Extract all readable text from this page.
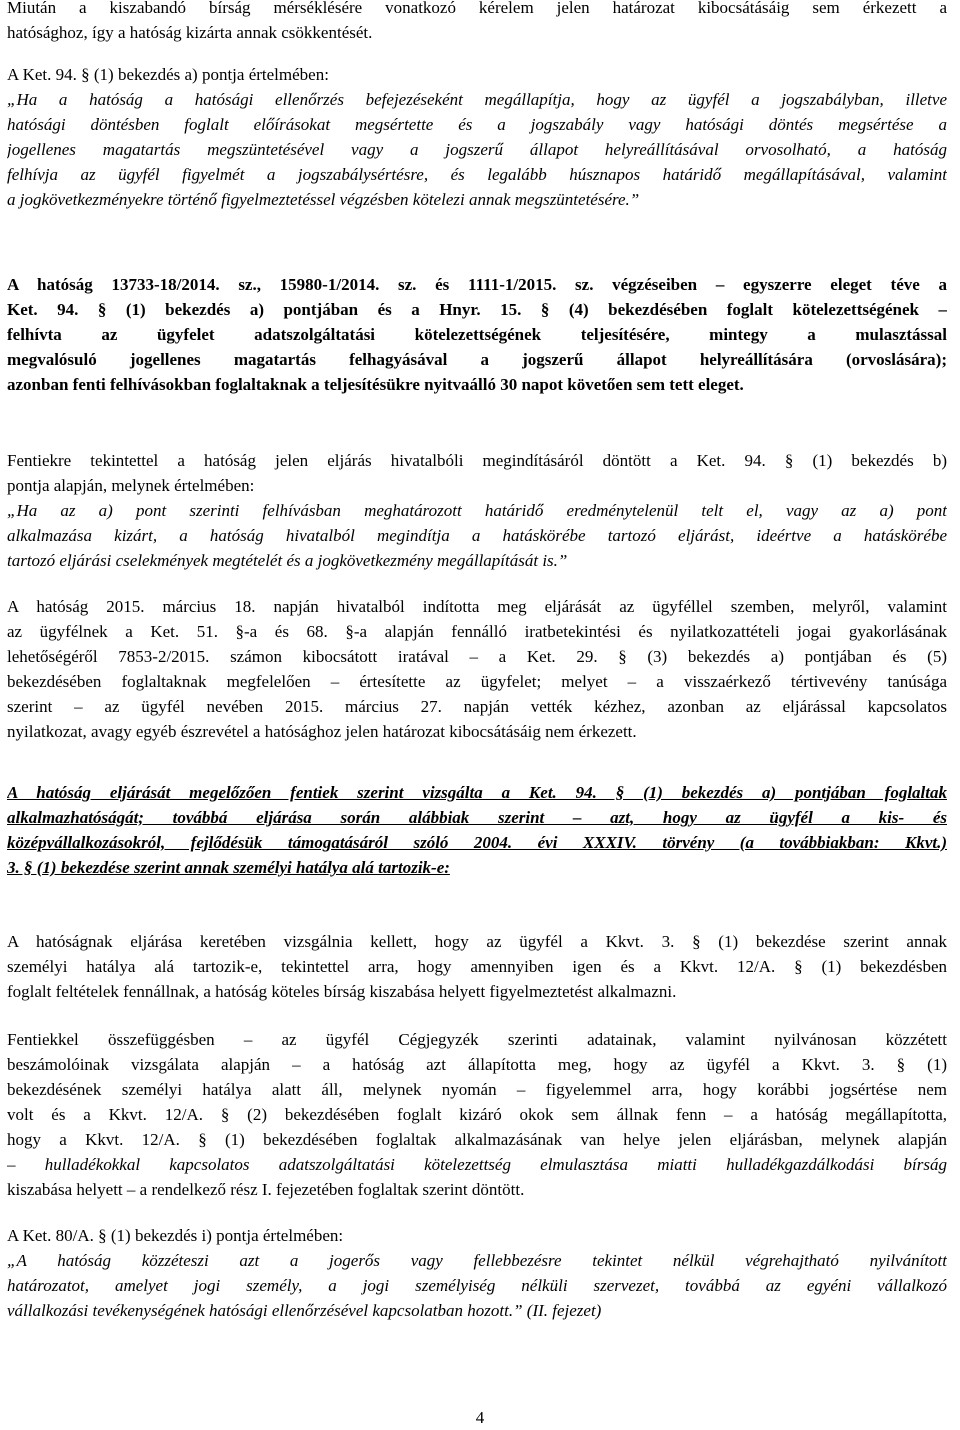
Miután a kiszabandó bírság mérséklésére vonatkozó kérelem jelen határozat kibocsátásáig sem érkezett a
hatósághoz, így a hatóság kizárta annak csökkentését.
A Ket. 94. § (1) bekezdés a) pontja értelmében:
„Ha a hatóság a hatósági ellenőrzés befejezéseként megállapítja, hogy az ügyfél a jogszabályban, illetve
hatósági döntésben foglalt előírásokat megsértette és a jogszabály vagy hatósági döntés megsértése a
jogellenes magatartás megszüntetésével vagy a jogszerű állapot helyreállításával orvosolható, a hatóság
felhívja az ügyfél figyelmét a jogszabálysértésre, és legalább húsznapos határidő megállapításával, valamint
a jogkövetkezményekre történő figyelmeztetéssel végzésben kötelezi annak megszüntetésére.”
A hatóság 13733-18/2014. sz., 15980-1/2014. sz. és 1111-1/2015. sz. végzéseiben – egyszerre eleget téve a
Ket. 94. § (1) bekezdés a) pontjában és a Hnyr. 15. § (4) bekezdésében foglalt kötelezettségének –
felhívta az ügyfelet adatszolgáltatási kötelezettségének teljesítésére, mintegy a mulasztással
megvalósuló jogellenes magatartás felhagyásával a jogszerű állapot helyreállítására (orvoslására);
azonban fenti felhívásokban foglaltaknak a teljesítésükre nyitvaálló 30 napot követően sem tett eleget.
Fentiekre tekintettel a hatóság jelen eljárás hivatalbóli megindításáról döntött a Ket. 94. § (1) bekezdés b)
pontja alapján, melynek értelmében:
„Ha az a) pont szerinti felhívásban meghatározott határidő eredménytelenül telt el, vagy az a) pont
alkalmazása kizárt, a hatóság hivatalból megindítja a hatáskörébe tartozó eljárást, ideértve a hatáskörébe
tartozó eljárási cselekmények megtételét és a jogkövetkezmény megállapítását is.”
A hatóság 2015. március 18. napján hivatalból indította meg eljárását az ügyféllel szemben, melyről, valamint
az ügyfélnek a Ket. 51. §-a és 68. §-a alapján fennálló iratbetekintési és nyilatkozattételi jogai gyakorlásának
lehetőségéről 7853-2/2015. számon kibocsátott iratával – a Ket. 29. § (3) bekezdés a) pontjában és (5)
bekezdésében foglaltaknak megfelelően – értesítette az ügyfelet; melyet – a visszaérkező tértivevény tanúsága
szerint – az ügyfél nevében 2015. március 27. napján vették kézhez, azonban az eljárással kapcsolatos
nyilatkozat, avagy egyéb észrevétel a hatósághoz jelen határozat kibocsátásáig nem érkezett.
A hatóság eljárását megelőzően fentiek szerint vizsgálta a Ket. 94. § (1) bekezdés a) pontjában foglaltak
alkalmazhatóságát; továbbá eljárása során alábbiak szerint – azt, hogy az ügyfél a kis- és
középvállalkozásokról, fejlődésük támogatásáról szóló 2004. évi XXXIV. törvény (a továbbiakban: Kkvt.)
3. § (1) bekezdése szerint annak személyi hatálya alá tartozik-e:
A hatóságnak eljárása keretében vizsgálnia kellett, hogy az ügyfél a Kkvt. 3. § (1) bekezdése szerint annak
személyi hatálya alá tartozik-e, tekintettel arra, hogy amennyiben igen és a Kkvt. 12/A. § (1) bekezdésben
foglalt feltételek fennállnak, a hatóság köteles bírság kiszabása helyett figyelmeztetést alkalmazni.
Fentiekkel összefüggésben – az ügyfél Cégjegyzék szerinti adatainak, valamint nyilvánosan közzétett
beszámolóinak vizsgálata alapján – a hatóság azt állapította meg, hogy az ügyfél a Kkvt. 3. § (1)
bekezdésének személyi hatálya alatt áll, melynek nyomán – figyelemmel arra, hogy korábbi jogsértése nem
volt és a Kkvt. 12/A. § (2) bekezdésében foglalt kizáró okok sem állnak fenn – a hatóság megállapította,
hogy a Kkvt. 12/A. § (1) bekezdésében foglaltak alkalmazásának van helye jelen eljárásban, melynek alapján
– hulladékokkal kapcsolatos adatszolgáltatási kötelezettség elmulasztása miatti hulladékgazdálkodási bírság
kiszabása helyett – a rendelkező rész I. fejezetében foglaltak szerint döntött.
A Ket. 80/A. § (1) bekezdés i) pontja értelmében:
„A hatóság közzéteszi azt a jogerős vagy fellebbezésre tekintet nélkül végrehajtható nyilvánított
határozatot, amelyet jogi személy, a jogi személyiség nélküli szervezet, továbbá az egyéni vállalkozó
vállalkozási tevékenységének hatósági ellenőrzésével kapcsolatban hozott.” (II. fejezet)
4
